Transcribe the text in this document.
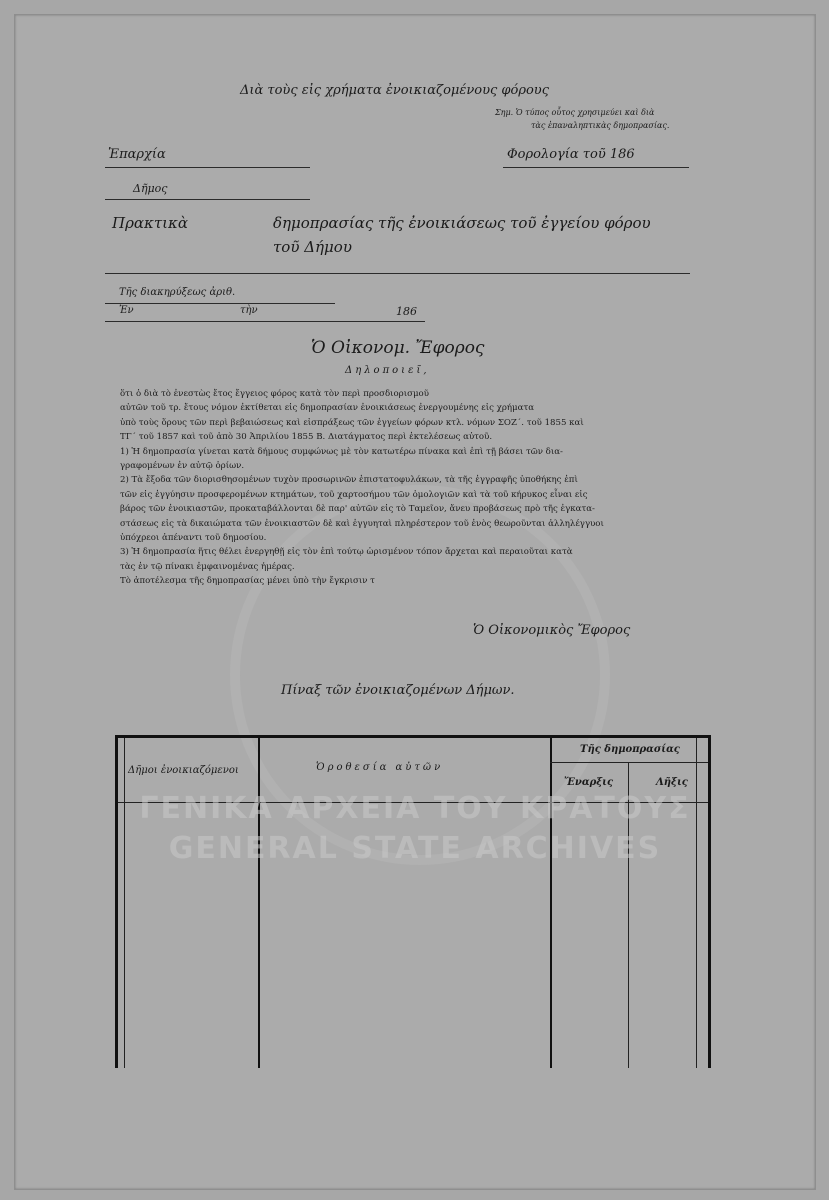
Διὰ τοὺς εἰς χρήματα ἐνοικιαζομένους φόρους
Σημ. Ὁ τύπος οὗτος χρησιμεύει καὶ διὰ
τὰς ἐπαναληπτικὰς δημοπρασίας.
Ἐπαρχία	Φορολογία τοῦ 186
Δῆμος
Πρακτικὰ	δημοπρασίας τῆς ἐνοικιάσεως τοῦ ἐγγείου φόρου
τοῦ Δήμου
Τῆς διακηρύξεως ἀριθ.
Ἐν	τὴν	186
Ὁ Οἰκονομ. Ἔφορος
Δηλοποιεῖ,

ὅτι ὁ διὰ τὸ ἐνεστὼς ἔτος ἔγγειος φόρος κατὰ τὸν περὶ προσδιορισμοῦ

αὐτῶν τοῦ τρ. ἔτους νόμον ἐκτίθεται εἰς δημοπρασίαν ἐνοικιάσεως ἐνεργουμένης εἰς χρήματα

ὑπὸ τοὺς ὅρους τῶν περὶ βεβαιώσεως καὶ εἰσπράξεως τῶν ἐγγείων φόρων κτλ. νόμων ΣΟΖ΄. τοῦ 1855 καὶ

ΤΓ΄ τοῦ 1857 καὶ τοῦ ἀπὸ 30 Ἀπριλίου 1855 Β. Διατάγματος περὶ ἐκτελέσεως αὐτοῦ.

1) Ἡ δημοπρασία γίνεται κατὰ δήμους συμφώνως μὲ τὸν κατωτέρω πίνακα καὶ ἐπὶ τῇ βάσει τῶν δια-

γραφομένων ἐν αὐτῷ ὁρίων.

2) Τὰ ἔξοδα τῶν διορισθησομένων τυχὸν προσωρινῶν ἐπιστατοφυλάκων, τὰ τῆς ἐγγραφῆς ὑποθήκης ἐπὶ

τῶν εἰς ἐγγύησιν προσφερομένων κτημάτων, τοῦ χαρτοσήμου τῶν ὁμολογιῶν καὶ τὰ τοῦ κήρυκος εἶναι εἰς

βάρος τῶν ἐνοικιαστῶν, προκαταβάλλονται δὲ παρ' αὐτῶν εἰς τὸ Ταμεῖον, ἄνευ προβάσεως πρὸ τῆς ἐγκατα-

στάσεως εἰς τὰ δικαιώματα τῶν ἐνοικιαστῶν δὲ καὶ ἐγγυηταὶ πληρέστερον τοῦ ἑνὸς θεωροῦνται ἀλληλέγγυοι

ὑπόχρεοι ἀπέναντι τοῦ δημοσίου.

3) Ἡ δημοπρασία ἥτις θέλει ἐνεργηθῇ εἰς τὸν ἐπὶ τούτῳ ὡρισμένον τόπον ἄρχεται καὶ περαιοῦται κατὰ

τὰς ἐν τῷ πίνακι ἐμφαινομένας ἡμέρας.

Τὸ ἀποτέλεσμα τῆς δημοπρασίας μένει ὑπὸ τὴν ἔγκρισιν τ

Ὁ Οἰκονομικὸς Ἔφορος
Πίναξ τῶν ἐνοικιαζομένων Δήμων.
Δῆμοι ἐνοικιαζόμενοι	Ὁροθεσία αὐτῶν
Τῆς δημοπρασίας
Ἔναρξις	Λῆξις
ΓΕΝΙΚΑ ΑΡΧΕΙΑ ΤΟΥ ΚΡΑΤΟΥΣ
GENERAL STATE ARCHIVES
